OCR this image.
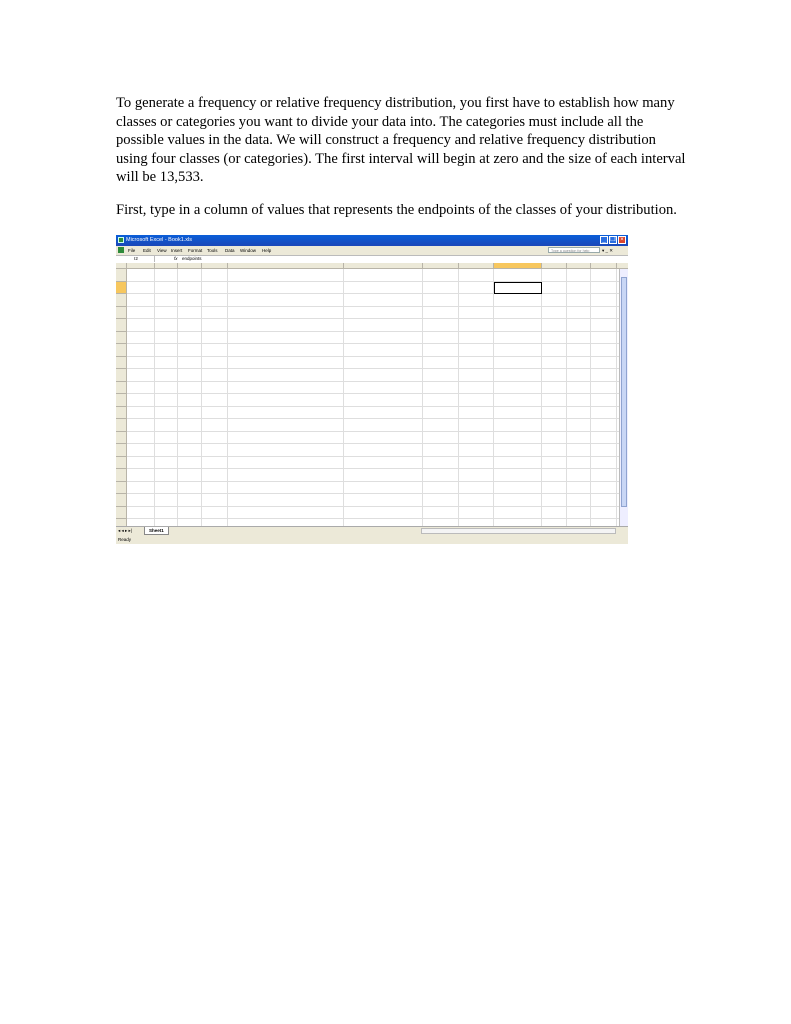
To generate a frequency or relative frequency distribution, you first have to establish how many classes or categories you want to divide your data into. The categories must include all the possible values in the data. We will construct a frequency and relative frequency distribution using four classes (or categories). The first interval will begin at zero and the size of each interval will be 13,533.
First, type in a column of values that represents the endpoints of the classes of your distribution.
Microsoft Excel - Book1.xls	_ ❐ ×
Type a question for help	▾ _ ✕
File Edit View Insert Format Tools Data Window Help
I2	fx endpoints
◂ ◂ ▸ ▸|	Sheet1
Ready
